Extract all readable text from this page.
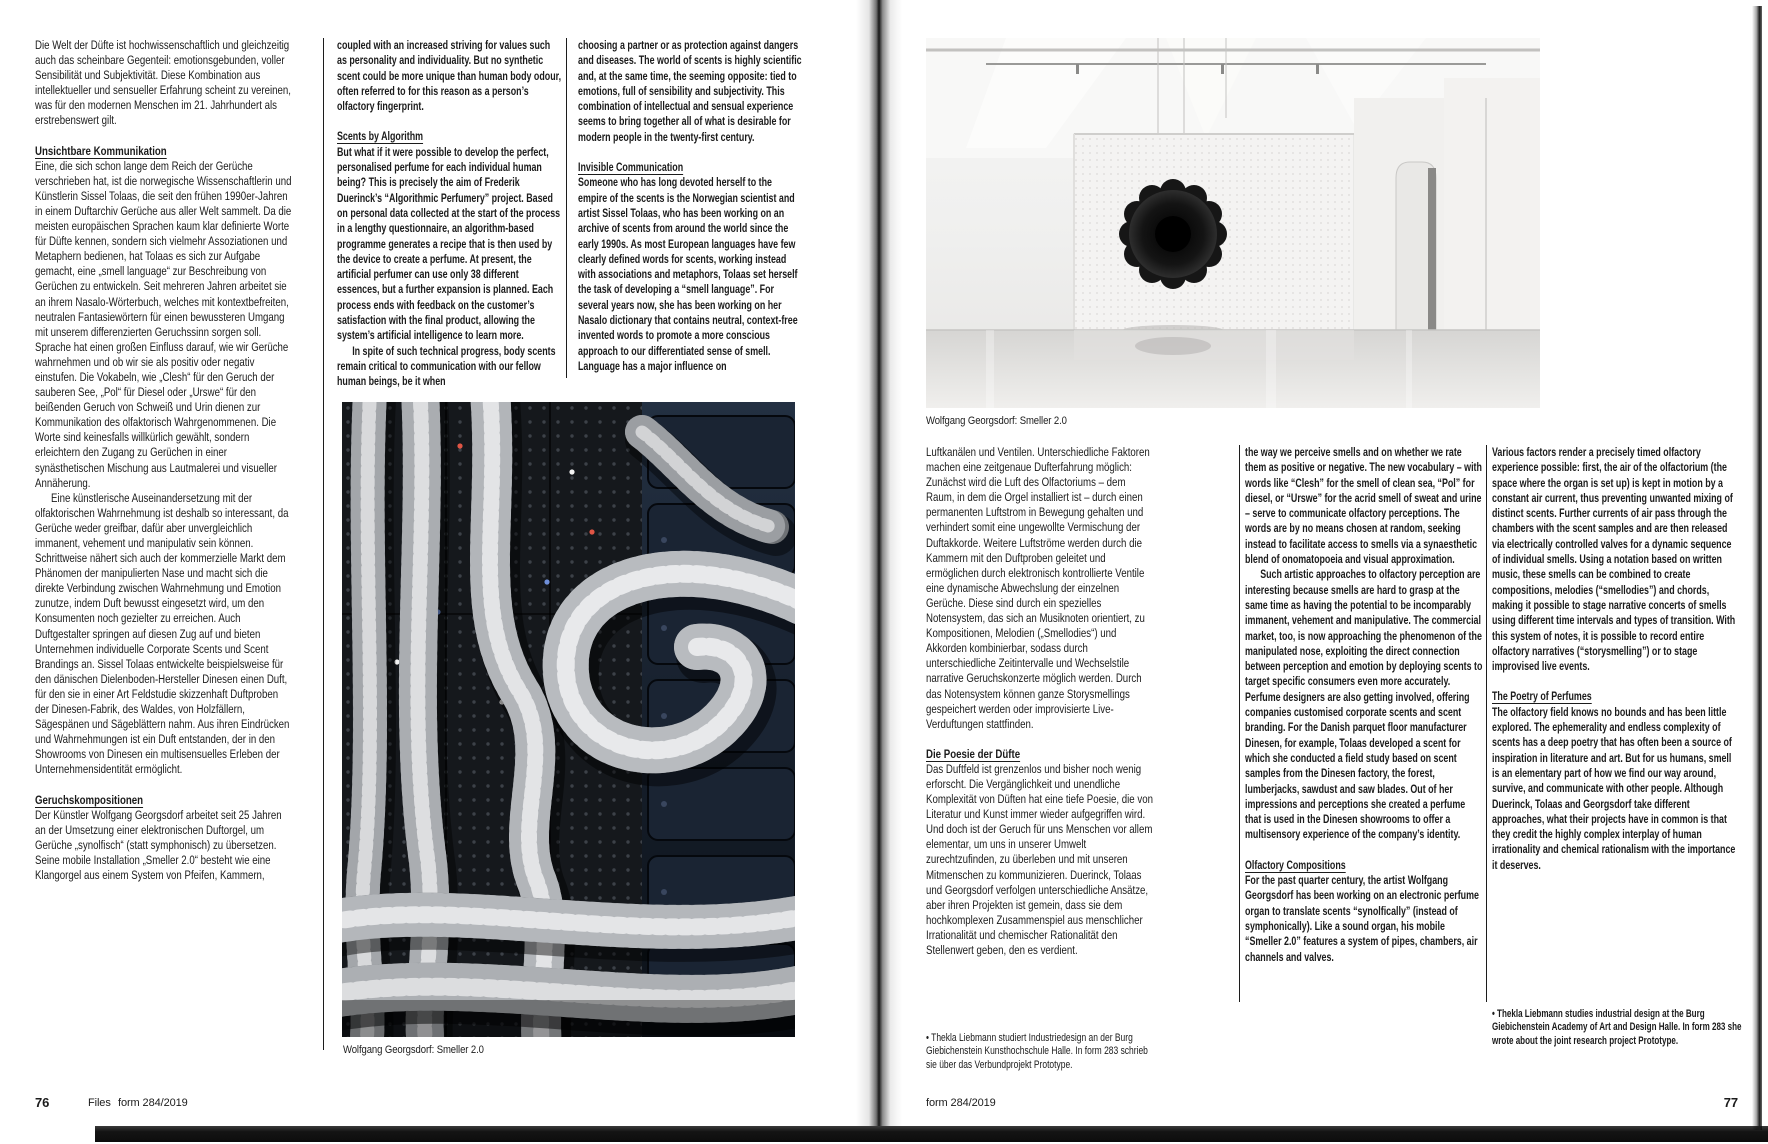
Die Welt der Düfte ist hochwissenschaftlich und gleichzeitig auch das scheinbare Gegenteil: emotionsgebunden, voller Sensibilität und Subjektivität. Diese Kombination aus intellektueller und sensueller Erfahrung scheint zu vereinen, was für den modernen Menschen im 21. Jahrhundert als erstrebenswert gilt.
Unsichtbare Kommunikation
Eine, die sich schon lange dem Reich der Gerüche verschrieben hat, ist die norwegische Wissenschaftlerin und Künstlerin Sissel Tolaas, die seit den frühen 1990er-Jahren in einem Duftarchiv Gerüche aus aller Welt sammelt. Da die meisten europäischen Sprachen kaum klar definierte Worte für Düfte kennen, sondern sich vielmehr Assoziationen und Metaphern bedienen, hat Tolaas es sich zur Aufgabe gemacht, eine „smell language“ zur Beschreibung von Gerüchen zu entwickeln. Seit mehreren Jahren arbeitet sie an ihrem Nasalo-Wörterbuch, welches mit kontextbefreiten, neutralen Fantasiewörtern für einen bewussteren Umgang mit unserem differenzierten Geruchssinn sorgen soll. Sprache hat einen großen Einfluss darauf, wie wir Gerüche wahrnehmen und ob wir sie als positiv oder negativ einstufen. Die Vokabeln, wie „Clesh“ für den Geruch der sauberen See, „Pol“ für Diesel oder „Urswe“ für den beißenden Geruch von Schweiß und Urin dienen zur Kommunikation des olfaktorisch Wahrgenommenen. Die Worte sind keinesfalls willkürlich gewählt, sondern erleichtern den Zugang zu Gerüchen in einer synästhetischen Mischung aus Lautmalerei und visueller Annäherung.
Eine künstlerische Auseinandersetzung mit der olfaktorischen Wahrnehmung ist deshalb so interessant, da Gerüche weder greifbar, dafür aber unvergleichlich immanent, vehement und manipulativ sein können. Schrittweise nähert sich auch der kommerzielle Markt dem Phänomen der manipulierten Nase und macht sich die direkte Verbindung zwischen Wahrnehmung und Emotion zunutze, indem Duft bewusst eingesetzt wird, um den Konsumenten noch gezielter zu erreichen. Auch Duftgestalter springen auf diesen Zug auf und bieten Unternehmen individuelle Corporate Scents und Scent Brandings an. Sissel Tolaas entwickelte beispielsweise für den dänischen Dielenboden-Hersteller Dinesen einen Duft, für den sie in einer Art Feldstudie skizzenhaft Duftproben der Dinesen-Fabrik, des Waldes, von Holzfällern, Sägespänen und Sägeblättern nahm. Aus ihren Eindrücken und Wahrnehmungen ist ein Duft entstanden, der in den Showrooms von Dinesen ein multisensuelles Erleben der Unternehmensidentität ermöglicht.
Geruchskompositionen
Der Künstler Wolfgang Georgsdorf arbeitet seit 25 Jahren an der Umsetzung einer elektronischen Duftorgel, um Gerüche „synolfisch“ (statt symphonisch) zu übersetzen. Seine mobile Installation „Smeller 2.0“ besteht wie eine Klangorgel aus einem System von Pfeifen, Kammern,
coupled with an increased striving for values such as personality and individuality. But no synthetic scent could be more unique than human body odour, often referred to for this reason as a person’s olfactory fingerprint.
Scents by Algorithm
But what if it were possible to develop the perfect, personalised perfume for each individual human being? This is precisely the aim of Frederik Duerinck’s “Algorithmic Perfumery” project. Based on personal data collected at the start of the process in a lengthy questionnaire, an algorithm-based programme generates a recipe that is then used by the device to create a perfume. At present, the artificial perfumer can use only 38 different essences, but a further expansion is planned. Each process ends with feedback on the customer’s satisfaction with the final product, allowing the system’s artificial intelligence to learn more.
In spite of such technical progress, body scents remain critical to communication with our fellow human beings, be it when
choosing a partner or as protection against dangers and diseases. The world of scents is highly scientific and, at the same time, the seeming opposite: tied to emotions, full of sensibility and subjectivity. This combination of intellectual and sensual experience seems to bring together all of what is desirable for modern people in the twenty-first century.
Invisible Communication
Someone who has long devoted herself to the empire of the scents is the Norwegian scientist and artist Sissel Tolaas, who has been working on an archive of scents from around the world since the early 1990s. As most European languages have few clearly defined words for scents, working instead with associations and metaphors, Tolaas set herself the task of developing a “smell language”. For several years now, she has been working on her Nasalo dictionary that contains neutral, context-free invented words to promote a more conscious approach to our differentiated sense of smell. Language has a major influence on
Wolfgang Georgsdorf: Smeller 2.0
76	Files form 284/2019
Wolfgang Georgsdorf: Smeller 2.0
Luftkanälen und Ventilen. Unterschiedliche Faktoren machen eine zeitgenaue Dufterfahrung möglich: Zunächst wird die Luft des Olfactoriums – dem Raum, in dem die Orgel installiert ist – durch einen permanenten Luftstrom in Bewegung gehalten und verhindert somit eine ungewollte Vermischung der Duftakkorde. Weitere Luftströme werden durch die Kammern mit den Duftproben geleitet und ermöglichen durch elektronisch kontrollierte Ventile eine dynamische Abwechslung der einzelnen Gerüche. Diese sind durch ein spezielles Notensystem, das sich an Musiknoten orientiert, zu Kompositionen, Melodien („Smellodies“) und Akkorden kombinierbar, sodass durch unterschiedliche Zeitintervalle und Wechselstile narrative Geruchskonzerte möglich werden. Durch das Notensystem können ganze Storysmellings gespeichert werden oder improvisierte Live-Verduftungen stattfinden.
Die Poesie der Düfte
Das Duftfeld ist grenzenlos und bisher noch wenig erforscht. Die Vergänglichkeit und unendliche Komplexität von Düften hat eine tiefe Poesie, die von Literatur und Kunst immer wieder aufgegriffen wird. Und doch ist der Geruch für uns Menschen vor allem elementar, um uns in unserer Umwelt zurechtzufinden, zu überleben und mit unseren Mitmenschen zu kommunizieren. Duerinck, Tolaas und Georgsdorf verfolgen unterschiedliche Ansätze, aber ihren Projekten ist gemein, dass sie dem hochkomplexen Zusammenspiel aus menschlicher Irrationalität und chemischer Rationalität den Stellenwert geben, den es verdient.
the way we perceive smells and on whether we rate them as positive or negative. The new vocabulary – with words like “Clesh” for the smell of clean sea, “Pol” for diesel, or “Urswe” for the acrid smell of sweat and urine – serve to communicate olfactory perceptions. The words are by no means chosen at random, seeking instead to facilitate access to smells via a synaesthetic blend of onomatopoeia and visual approximation.
Such artistic approaches to olfactory perception are interesting because smells are hard to grasp at the same time as having the potential to be incomparably immanent, vehement and manipulative. The commercial market, too, is now approaching the phenomenon of the manipulated nose, exploiting the direct connection between perception and emotion by deploying scents to target specific consumers even more accurately. Perfume designers are also getting involved, offering companies customised corporate scents and scent branding. For the Danish parquet floor manufacturer Dinesen, for example, Tolaas developed a scent for which she conducted a field study based on scent samples from the Dinesen factory, the forest, lumberjacks, sawdust and saw blades. Out of her impressions and perceptions she created a perfume that is used in the Dinesen showrooms to offer a multisensory experience of the company’s identity.
Olfactory Compositions
For the past quarter century, the artist Wolfgang Georgsdorf has been working on an electronic perfume organ to translate scents “synolfically” (instead of symphonically). Like a sound organ, his mobile “Smeller 2.0” features a system of pipes, chambers, air channels and valves.
Various factors render a precisely timed olfactory experience possible: first, the air of the olfactorium (the space where the organ is set up) is kept in motion by a constant air current, thus preventing unwanted mixing of distinct scents. Further currents of air pass through the chambers with the scent samples and are then released via electrically controlled valves for a dynamic sequence of individual smells. Using a notation based on written music, these smells can be combined to create compositions, melodies (“smellodies”) and chords, making it possible to stage narrative concerts of smells using different time intervals and types of transition. With this system of notes, it is possible to record entire olfactory narratives (“storysmelling”) or to stage improvised live events.
The Poetry of Perfumes
The olfactory field knows no bounds and has been little explored. The ephemerality and endless complexity of scents has a deep poetry that has often been a source of inspiration in literature and art. But for us humans, smell is an elementary part of how we find our way around, survive, and communicate with other people. Although Duerinck, Tolaas and Georgsdorf take different approaches, what their projects have in common is that they credit the highly complex interplay of human irrationality and chemical rationalism with the importance it deserves.
• Thekla Liebmann studiert Industriedesign an der Burg Giebichenstein Kunsthochschule Halle. In form 283 schrieb sie über das Verbundprojekt Prototype.
• Thekla Liebmann studies industrial design at the Burg Giebichenstein Academy of Art and Design Halle. In form 283 she wrote about the joint research project Prototype.
form 284/2019	77
